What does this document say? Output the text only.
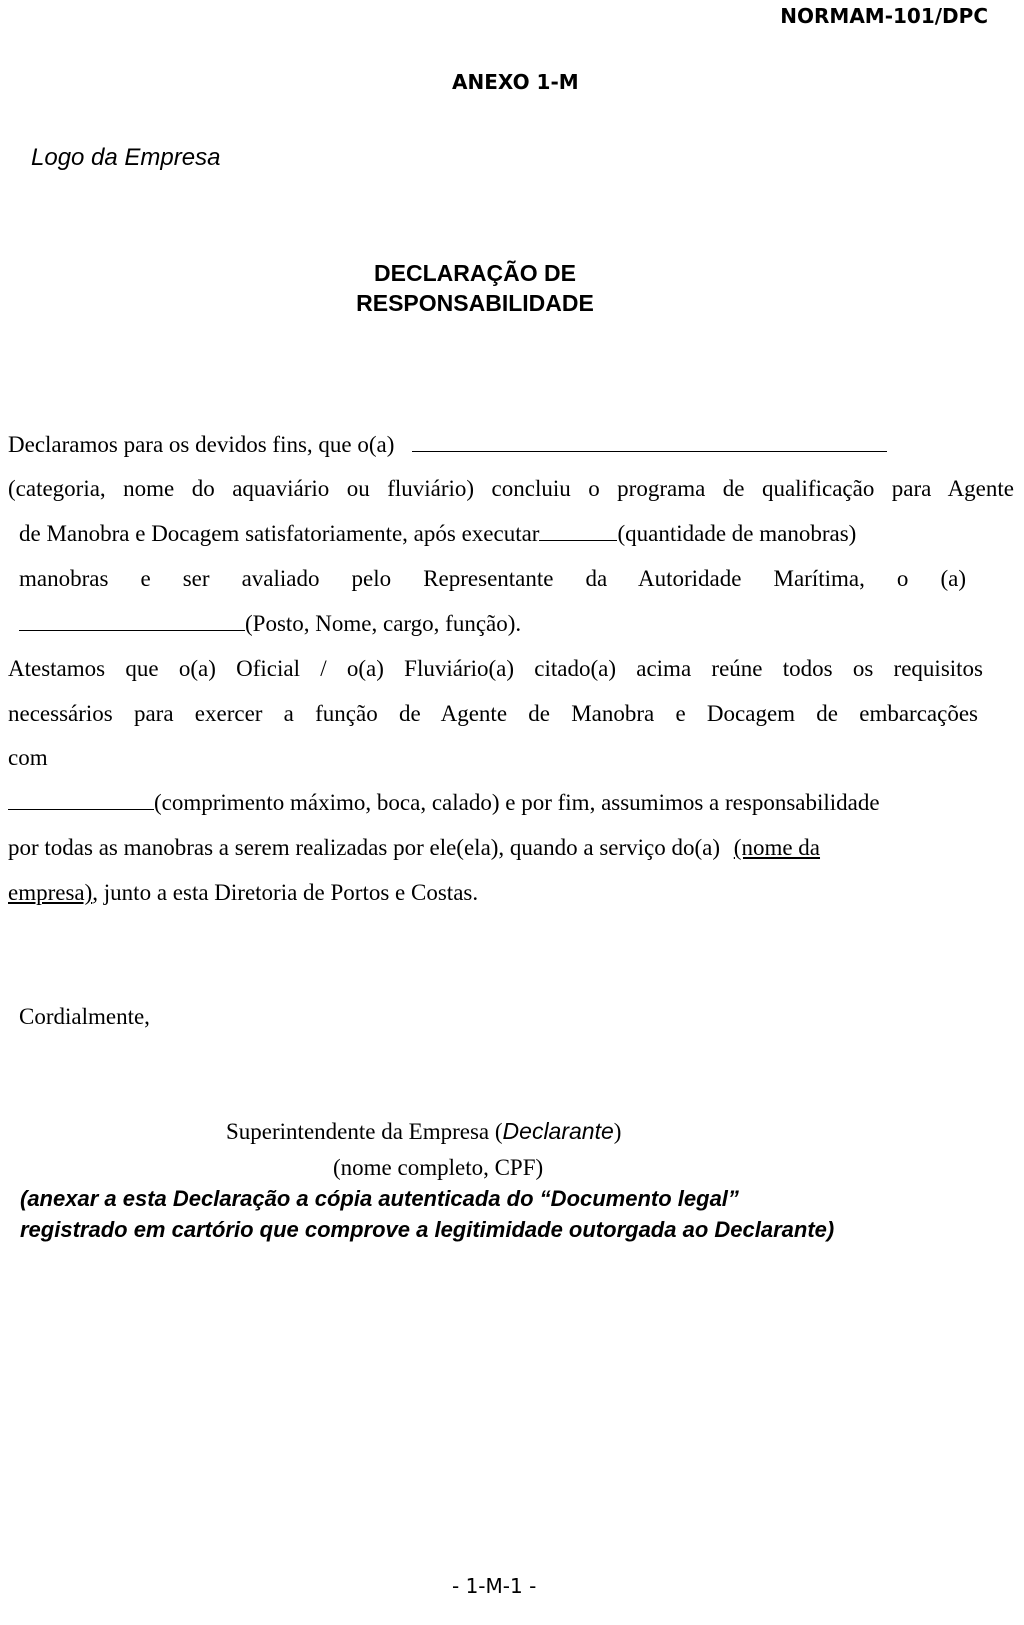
NORMAM-101/DPC
ANEXO 1-M
Logo da Empresa
DECLARAÇÃO DE
RESPONSABILIDADE
Declaramos para os devidos fins, que o(a)
(categoria, nome do aquaviário ou fluviário) concluiu o programa de qualificação para Agente
de Manobra e Docagem satisfatoriamente, após executar	(quantidade de manobras)
manobras e ser avaliado pelo Representante da Autoridade Marítima, o (a)
(Posto, Nome, cargo, função).
Atestamos que o(a) Oficial / o(a) Fluviário(a) citado(a) acima reúne todos os requisitos
necessários para exercer a função de Agente de Manobra e Docagem de embarcações
com
(comprimento máximo, boca, calado) e por fim, assumimos a responsabilidade
por todas as manobras a serem realizadas por ele(ela), quando a serviço do(a) (nome da
empresa), junto a esta Diretoria de Portos e Costas.
Cordialmente,
Superintendente da Empresa (Declarante)
(nome completo, CPF)
(anexar a esta Declaração a cópia autenticada do “Documento legal”
registrado em cartório que comprove a legitimidade outorgada ao Declarante)
- 1-M-1 -
